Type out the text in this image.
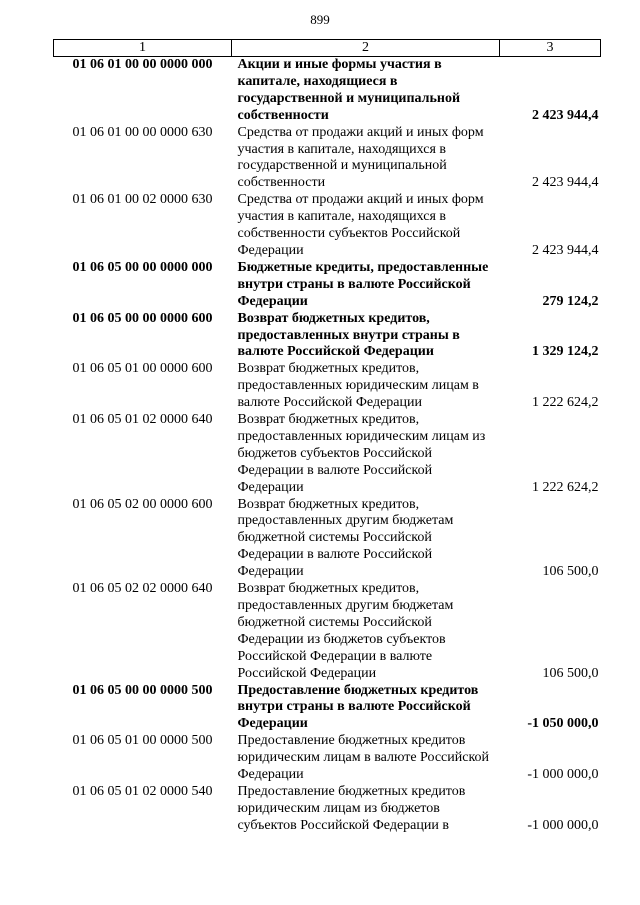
899
1	2	3
01 06 01 00 00 0000 000	Акции и иные формы участия в капитале, находящиеся в государственной и муниципальной собственности	2 423 944,4
01 06 01 00 00 0000 630	Средства от продажи акций и иных форм участия в капитале, находящихся в государственной и муниципальной собственности	2 423 944,4
01 06 01 00 02 0000 630	Средства от продажи акций и иных форм участия в капитале, находящихся в собственности субъектов Российской Федерации	2 423 944,4
01 06 05 00 00 0000 000	Бюджетные кредиты, предоставленные внутри страны в валюте Российской Федерации	279 124,2
01 06 05 00 00 0000 600	Возврат бюджетных кредитов, предоставленных внутри страны в валюте Российской Федерации	1 329 124,2
01 06 05 01 00 0000 600	Возврат бюджетных кредитов, предоставленных юридическим лицам в валюте Российской Федерации	1 222 624,2
01 06 05 01 02 0000 640	Возврат бюджетных кредитов, предоставленных юридическим лицам из бюджетов субъектов Российской Федерации в валюте Российской Федерации	1 222 624,2
01 06 05 02 00 0000 600	Возврат бюджетных кредитов, предоставленных другим бюджетам бюджетной системы Российской Федерации в валюте Российской Федерации	106 500,0
01 06 05 02 02 0000 640	Возврат бюджетных кредитов, предоставленных другим бюджетам бюджетной системы Российской Федерации из бюджетов субъектов Российской Федерации в валюте Российской Федерации	106 500,0
01 06 05 00 00 0000 500	Предоставление бюджетных кредитов внутри страны в валюте Российской Федерации	-1 050 000,0
01 06 05 01 00 0000 500	Предоставление бюджетных кредитов юридическим лицам в валюте Российской Федерации	-1 000 000,0
01 06 05 01 02 0000 540	Предоставление бюджетных кредитов юридическим лицам из бюджетов субъектов Российской Федерации в	-1 000 000,0
